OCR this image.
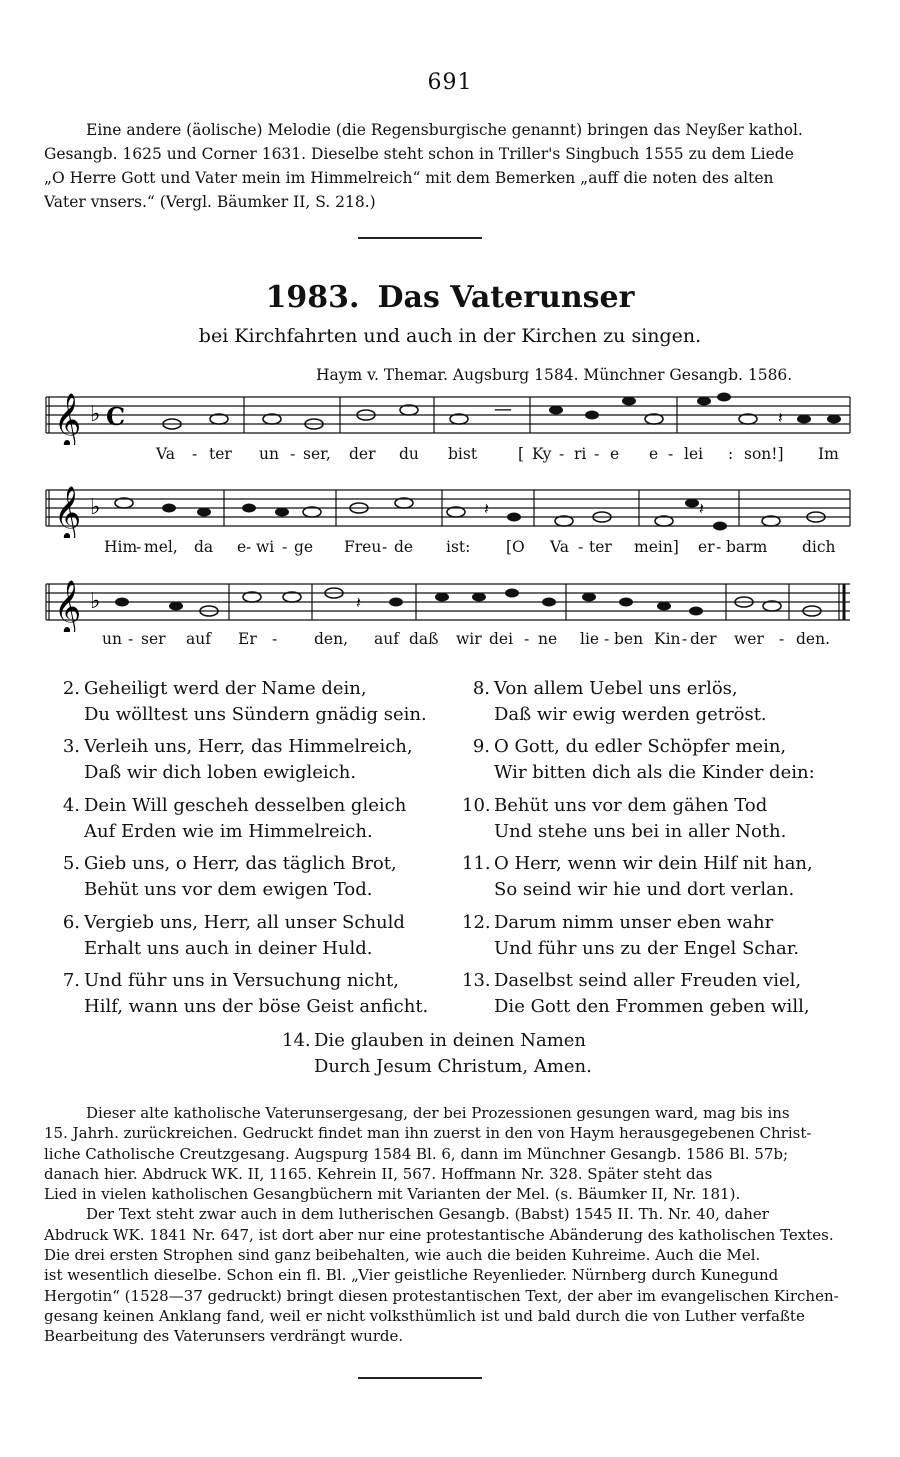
691
Eine andere (äolische) Melodie (die Regensburgische genannt) bringen das Neyßer kathol.
Gesangb. 1625 und Corner 1631. Dieselbe steht schon in Triller's Singbuch 1555 zu dem Liede
„O Herre Gott und Vater mein im Himmelreich“ mit dem Bemerken „auff die noten des alten
Vater vnsers.“ (Vergl. Bäumker II, S. 218.)
1983. Das Vaterunser
bei Kirchfahrten und auch in der Kirchen zu singen.
Haym v. Themar. Augsburg 1584. Münchner Gesangb. 1586.
𝄞 ♭ C	—	𝄽
Va - ter un - ser, der du bist	[ Ky - ri - e e - lei : son!] Im
𝄞 ♭	𝄽	𝄽
Him
- mel, da e - wi - ge Freu - de ist: [O Va - ter mein] er - barm dich
𝄞 ♭	𝄽
un - ser auf Er - den, auf daß wir dei - ne lie - ben Kin - der wer - den.
2. Geheiligt werd der Name dein,
Du wölltest uns Sündern gnädig sein.
3. Verleih uns, Herr, das Himmelreich,
Daß wir dich loben ewigleich.
4. Dein Will gescheh desselben gleich
Auf Erden wie im Himmelreich.
5. Gieb uns, o Herr, das täglich Brot,
Behüt uns vor dem ewigen Tod.
6. Vergieb uns, Herr, all unser Schuld
Erhalt uns auch in deiner Huld.
7. Und führ uns in Versuchung nicht,
Hilf, wann uns der böse Geist anficht.
8. Von allem Uebel uns erlös,
Daß wir ewig werden getröst.
9. O Gott, du edler Schöpfer mein,
Wir bitten dich als die Kinder dein:
10. Behüt uns vor dem gähen Tod
Und stehe uns bei in aller Noth.
11. O Herr, wenn wir dein Hilf nit han,
So seind wir hie und dort verlan.
12. Darum nimm unser eben wahr
Und führ uns zu der Engel Schar.
13. Daselbst seind aller Freuden viel,
Die Gott den Frommen geben will,
14. Die glauben in deinen Namen
Durch Jesum Christum, Amen.
Dieser alte katholische Vaterunsergesang, der bei Prozessionen gesungen ward, mag bis ins
15. Jahrh. zurückreichen. Gedruckt findet man ihn zuerst in den von Haym herausgegebenen Christ-
liche Catholische Creutzgesang. Augspurg 1584 Bl. 6, dann im Münchner Gesangb. 1586 Bl. 57b;
danach hier. Abdruck WK. II, 1165. Kehrein II, 567. Hoffmann Nr. 328. Später steht das
Lied in vielen katholischen Gesangbüchern mit Varianten der Mel. (s. Bäumker II, Nr. 181).
Der Text steht zwar auch in dem lutherischen Gesangb. (Babst) 1545 II. Th. Nr. 40, daher
Abdruck WK. 1841 Nr. 647, ist dort aber nur eine protestantische Abänderung des katholischen Textes.
Die drei ersten Strophen sind ganz beibehalten, wie auch die beiden Kuhreime. Auch die Mel.
ist wesentlich dieselbe. Schon ein fl. Bl. „Vier geistliche Reyenlieder. Nürnberg durch Kunegund
Hergotin“ (1528—37 gedruckt) bringt diesen protestantischen Text, der aber im evangelischen Kirchen-
gesang keinen Anklang fand, weil er nicht volksthümlich ist und bald durch die von Luther verfaßte
Bearbeitung des Vaterunsers verdrängt wurde.
